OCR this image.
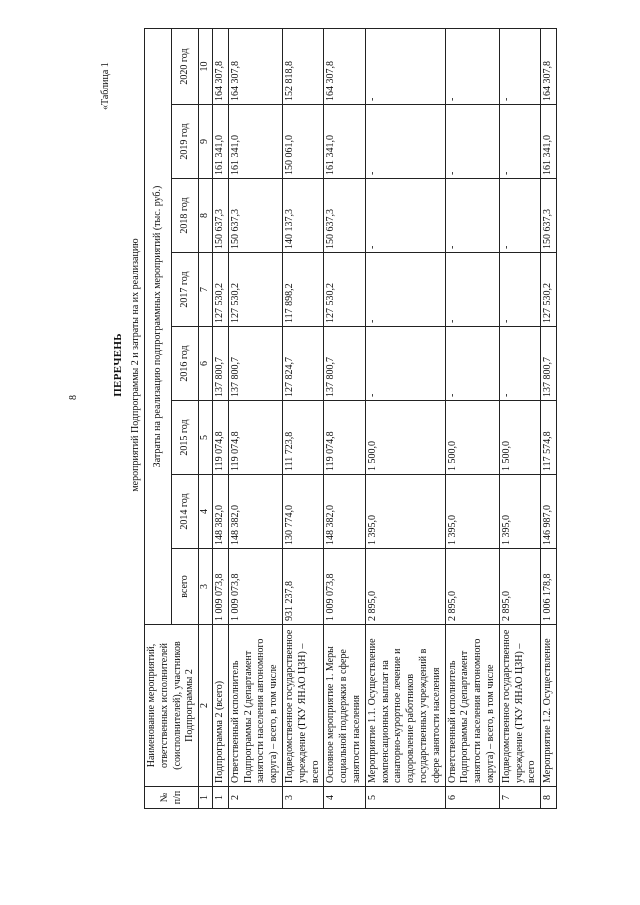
8
«Таблица 1
ПЕРЕЧЕНЬ мероприятий Подпрограммы 2 и затраты на их реализацию
№ п/п	Наименование мероприятий, ответственных исполнителей (соисполнителей), участников Подпрограммы 2	Затраты на реализацию подпрограммных мероприятий (тыс. руб.)							
		всего	2014 год	2015 год	2016 год	2017 год	2018 год	2019 год	2020 год
1	2	3	4	5	6	7	8	9	10
1	Подпрограмма 2 (всего)	1 009 073,8	148 382,0	119 074,8	137 800,7	127 530,2	150 637,3	161 341,0	164 307,8
2	Ответственный исполнитель Подпрограммы 2 (департамент занятости населения автономного округа) – всего, в том числе	1 009 073,8	148 382,0	119 074,8	137 800,7	127 530,2	150 637,3	161 341,0	164 307,8
3	Подведомственное государственное учреждение (ГКУ ЯНАО ЦЗН) – всего	931 237,8	130 774,0	111 723,8	127 824,7	117 898,2	140 137,3	150 061,0	152 818,8
4	Основное мероприятие 1. Меры социальной поддержки в сфере занятости населения	1 009 073,8	148 382,0	119 074,8	137 800,7	127 530,2	150 637,3	161 341,0	164 307,8
5	Мероприятие 1.1. Осуществление компенсационных выплат на санаторно-курортное лечение и оздоровление работников государственных учреждений в сфере занятости населения	2 895,0	1 395,0	1 500,0	-	-	-	-	-
6	Ответственный исполнитель Подпрограммы 2 (департамент занятости населения автономного округа) – всего, в том числе	2 895,0	1 395,0	1 500,0	-	-	-	-	-
7	Подведомственное государственное учреждение (ГКУ ЯНАО ЦЗН) – всего	2 895,0	1 395,0	1 500,0	-	-	-	-	-
8	Мероприятие 1.2. Осуществление	1 006 178,8	146 987,0	117 574,8	137 800,7	127 530,2	150 637,3	161 341,0	164 307,8
